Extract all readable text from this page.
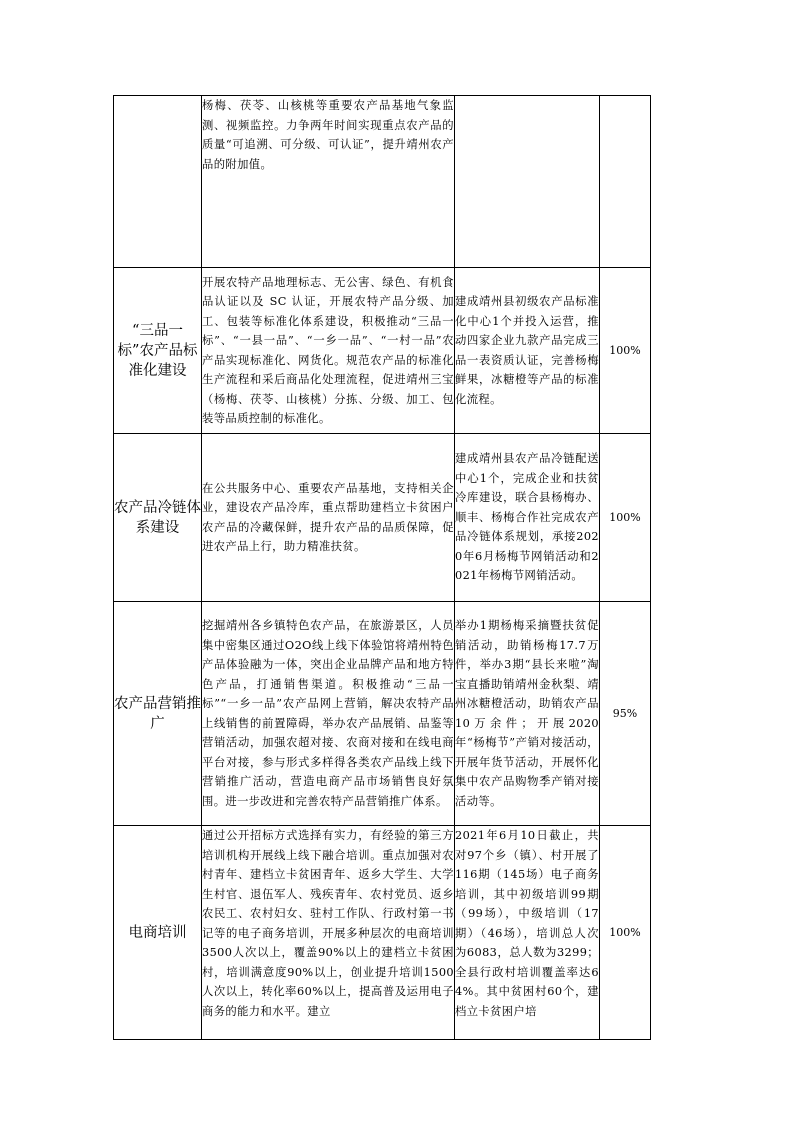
	杨梅、茯苓、山核桃等重要农产品基地气象监测、视频监控。力争两年时间实现重点农产品的质量“可追溯、可分级、可认证”，提升靖州农产品的附加值。		

“三品一标”农产品标准化建设	开展农特产品地理标志、无公害、绿色、有机食品认证以及 SC 认证，开展农特产品分级、加工、包装等标准化体系建设，积极推动“三品一标”、“一县一品”、“一乡一品”、“一村一品”农产品实现标准化、网货化。规范农产品的标准化生产流程和采后商品化处理流程，促进靖州三宝（杨梅、茯苓、山核桃）分拣、分级、加工、包装等品质控制的标准化。	建成靖州县初级农产品标准化中心1个并投入运营，推动四家企业九款产品完成三品一表资质认证，完善杨梅鲜果，冰糖橙等产品的标准化流程。	100%
农产品冷链体系建设	在公共服务中心、重要农产品基地，支持相关企业，建设农产品冷库，重点帮助建档立卡贫困户农产品的冷藏保鲜，提升农产品的品质保障，促进农产品上行，助力精准扶贫。	建成靖州县农产品冷链配送中心1个，完成企业和扶贫冷库建设，联合县杨梅办、顺丰、杨梅合作社完成农产品冷链体系规划，承接2020年6月杨梅节网销活动和2021年杨梅节网销活动。	100%
农产品营销推广	挖掘靖州各乡镇特色农产品，在旅游景区，人员集中密集区通过O2O线上线下体验馆将靖州特色产品体验融为一体，突出企业品牌产品和地方特色产品，打通销售渠道。积极推动“三品一标”“一乡一品”农产品网上营销，解决农特产品上线销售的前置障碍，举办农产品展销、品鉴等营销活动，加强农超对接、农商对接和在线电商平台对接，参与形式多样得各类农产品线上线下营销推广活动，营造电商产品市场销售良好氛围。进一步改进和完善农特产品营销推广体系。	举办1期杨梅采摘暨扶贫促销活动，助销杨梅17.7万件，举办3期“县长来啦”淘宝直播助销靖州金秋梨、靖州冰糖橙活动，助销农产品10万余件；开展2020年“杨梅节”产销对接活动，开展年货节活动，开展怀化集中农产品购物季产销对接活动等。	95%
电商培训	通过公开招标方式选择有实力，有经验的第三方培训机构开展线上线下融合培训。重点加强对农村青年、建档立卡贫困青年、返乡大学生、大学生村官、退伍军人、残疾青年、农村党员、返乡农民工、农村妇女、驻村工作队、行政村第一书记等的电子商务培训，开展多种层次的电商培训3500人次以上，覆盖90%以上的建档立卡贫困村，培训满意度90%以上，创业提升培训1500人次以上，转化率60%以上，提高普及运用电子商务的能力和水平。建立	2021年6月10日截止，共对97个乡（镇）、村开展了116期（145场）电子商务培训，其中初级培训99期（99场），中级培训（17期）（46场），培训总人次为6083，总人数为3299；全县行政村培训覆盖率达64%。其中贫困村60个，建档立卡贫困户培	100%
